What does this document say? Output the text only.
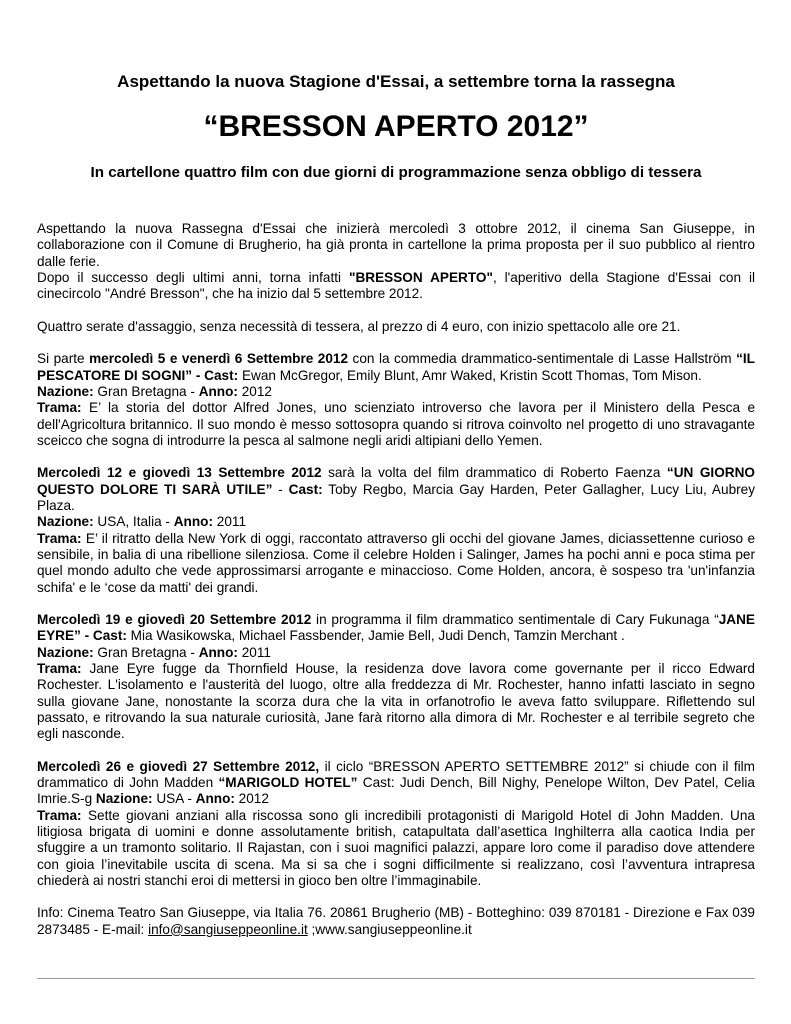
Aspettando la nuova Stagione d'Essai, a settembre torna la rassegna
“BRESSON APERTO 2012”
In cartellone quattro film con due giorni di programmazione senza obbligo di tessera

Aspettando la nuova Rassegna d'Essai che inizierà mercoledì 3 ottobre 2012, il cinema San Giuseppe, in collaborazione con il Comune di Brugherio, ha già pronta in cartellone la prima proposta per il suo pubblico al rientro dalle ferie.
Dopo il successo degli ultimi anni, torna infatti "BRESSON APERTO", l'aperitivo della Stagione d'Essai con il cinecircolo "André Bresson", che ha inizio dal 5 settembre 2012.

Quattro serate d'assaggio, senza necessità di tessera, al prezzo di 4 euro, con inizio spettacolo alle ore 21.

Si parte mercoledì 5 e venerdì 6 Settembre 2012 con la commedia drammatico-sentimentale di Lasse Hallström “IL PESCATORE DI SOGNI” - Cast: Ewan McGregor, Emily Blunt, Amr Waked, Kristin Scott Thomas, Tom Mison.
Nazione: Gran Bretagna - Anno: 2012
Trama: E’ la storia del dottor Alfred Jones, uno scienziato introverso che lavora per il Ministero della Pesca e dell'Agricoltura britannico. Il suo mondo è messo sottosopra quando si ritrova coinvolto nel progetto di uno stravagante sceicco che sogna di introdurre la pesca al salmone negli aridi altipiani dello Yemen.

Mercoledì 12 e giovedì 13 Settembre 2012 sarà la volta del film drammatico di Roberto Faenza “UN GIORNO QUESTO DOLORE TI SARÀ UTILE” - Cast: Toby Regbo, Marcia Gay Harden, Peter Gallagher, Lucy Liu, Aubrey Plaza.
Nazione: USA, Italia - Anno: 2011
Trama: E’ il ritratto della New York di oggi, raccontato attraverso gli occhi del giovane James, diciassettenne curioso e sensibile, in balia di una ribellione silenziosa. Come il celebre Holden i Salinger, James ha pochi anni e poca stima per quel mondo adulto che vede approssimarsi arrogante e minaccioso. Come Holden, ancora, è sospeso tra 'un'infanzia schifa' e le ‘cose da matti' dei grandi.

Mercoledì 19 e giovedì 20 Settembre 2012 in programma il film drammatico sentimentale di Cary Fukunaga “JANE EYRE” - Cast: Mia Wasikowska, Michael Fassbender, Jamie Bell, Judi Dench, Tamzin Merchant .
Nazione: Gran Bretagna - Anno: 2011
Trama: Jane Eyre fugge da Thornfield House, la residenza dove lavora come governante per il ricco Edward Rochester. L'isolamento e l'austerità del luogo, oltre alla freddezza di Mr. Rochester, hanno infatti lasciato in segno sulla giovane Jane, nonostante la scorza dura che la vita in orfanotrofio le aveva fatto sviluppare. Riflettendo sul passato, e ritrovando la sua naturale curiosità, Jane farà ritorno alla dimora di Mr. Rochester e al terribile segreto che egli nasconde.

Mercoledì 26 e giovedì 27 Settembre 2012, il ciclo “BRESSON APERTO SETTEMBRE 2012” si chiude con il film drammatico di John Madden “MARIGOLD HOTEL” Cast: Judi Dench, Bill Nighy, Penelope Wilton, Dev Patel, Celia Imrie.S-g Nazione: USA - Anno: 2012
Trama: Sette giovani anziani alla riscossa sono gli incredibili protagonisti di Marigold Hotel di John Madden. Una litigiosa brigata di uomini e donne assolutamente british, catapultata dall’asettica Inghilterra alla caotica India per sfuggire a un tramonto solitario. Il Rajastan, con i suoi magnifici palazzi, appare loro come il paradiso dove attendere con gioia l’inevitabile uscita di scena. Ma si sa che i sogni difficilmente si realizzano, così l’avventura intrapresa chiederà ai nostri stanchi eroi di mettersi in gioco ben oltre l’immaginabile.

Info: Cinema Teatro San Giuseppe, via Italia 76. 20861 Brugherio (MB) - Botteghino: 039 870181 - Direzione e Fax 039 2873485 - E-mail: info@sangiuseppeonline.it ;www.sangiuseppeonline.it
